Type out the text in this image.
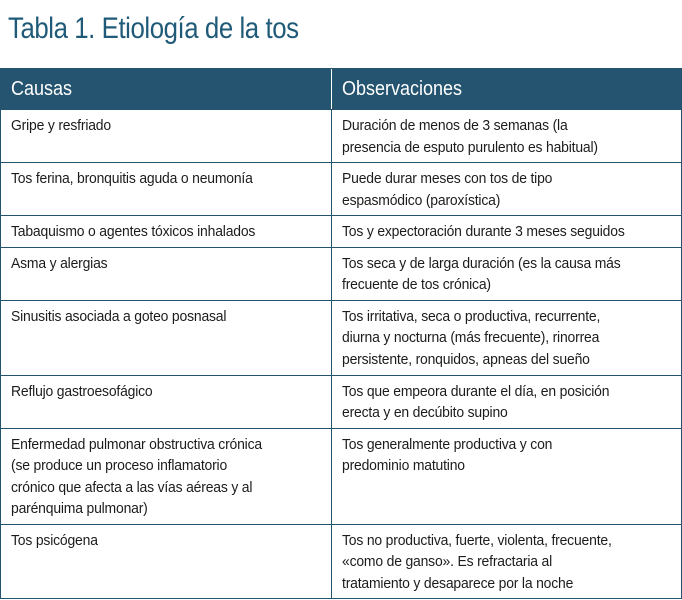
Tabla 1. Etiología de la tos
Causas	Observaciones

Gripe y resfriado	Duración de menos de 3 semanas (la
presencia de esputo purulento es habitual)

Tos ferina, bronquitis aguda o neumonía	Puede durar meses con tos de tipo
espasmódico (paroxística)

Tabaquismo o agentes tóxicos inhalados	Tos y expectoración durante 3 meses seguidos

Asma y alergias	Tos seca y de larga duración (es la causa más
frecuente de tos crónica)

Sinusitis asociada a goteo posnasal	Tos irritativa, seca o productiva, recurrente,
diurna y nocturna (más frecuente), rinorrea
persistente, ronquidos, apneas del sueño

Reflujo gastroesofágico	Tos que empeora durante el día, en posición
erecta y en decúbito supino

Enfermedad pulmonar obstructiva crónica
(se produce un proceso inflamatorio
crónico que afecta a las vías aéreas y al
parénquima pulmonar)	Tos generalmente productiva y con
predominio matutino

Tos psicógena	Tos no productiva, fuerte, violenta, frecuente,
«como de ganso». Es refractaria al
tratamiento y desaparece por la noche
